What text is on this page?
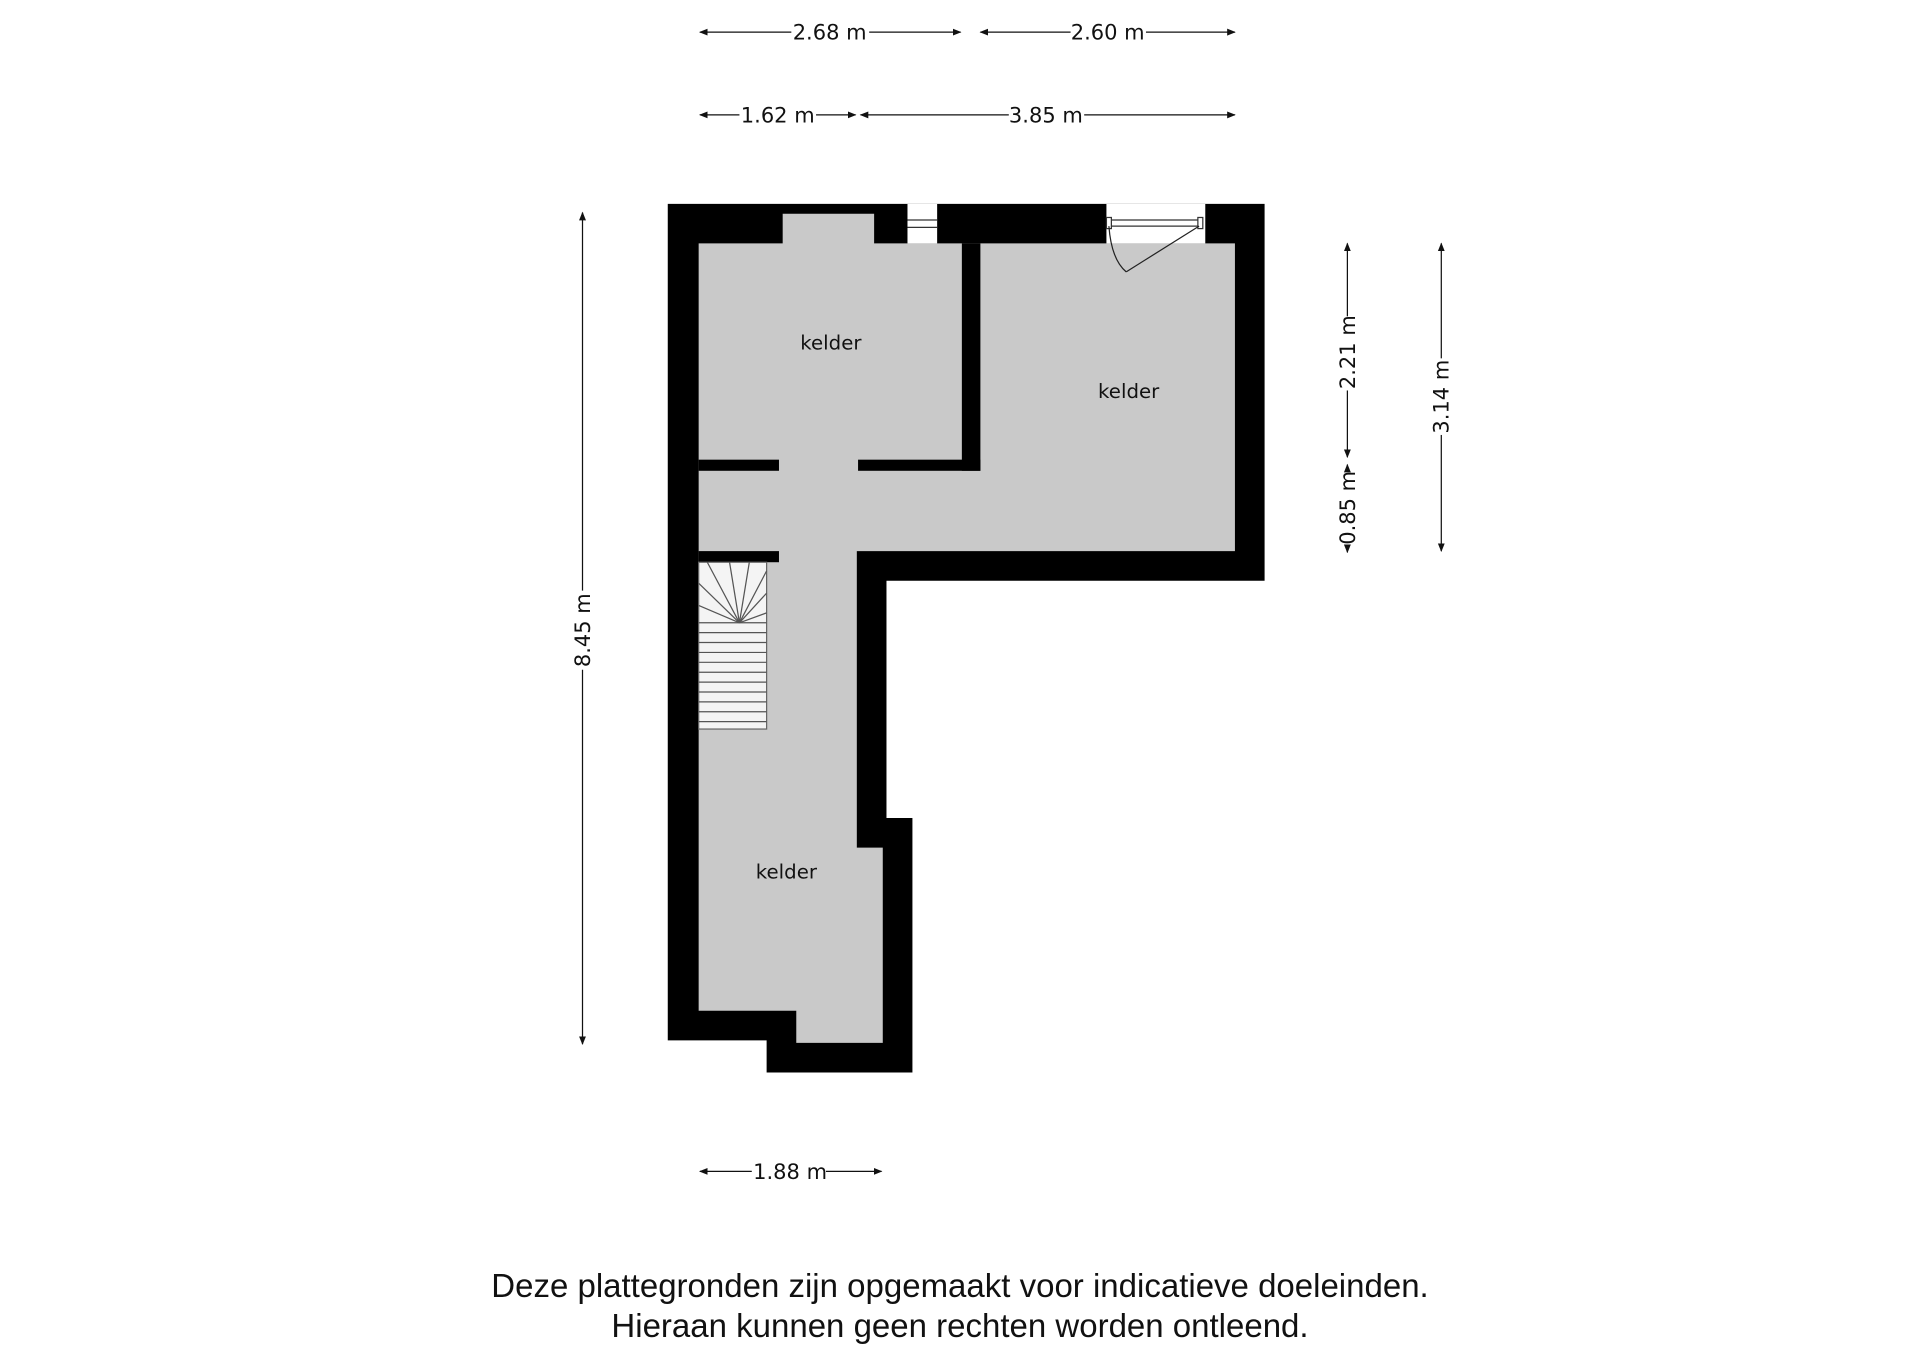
kelder
kelder
kelder
2.68 m	2.60 m
1.62 m	3.85 m
8.45 m
2.21 m
0.85 m
3.14 m
1.88 m
Deze plattegronden zijn opgemaakt voor indicatieve doeleinden.
Hieraan kunnen geen rechten worden ontleend.
